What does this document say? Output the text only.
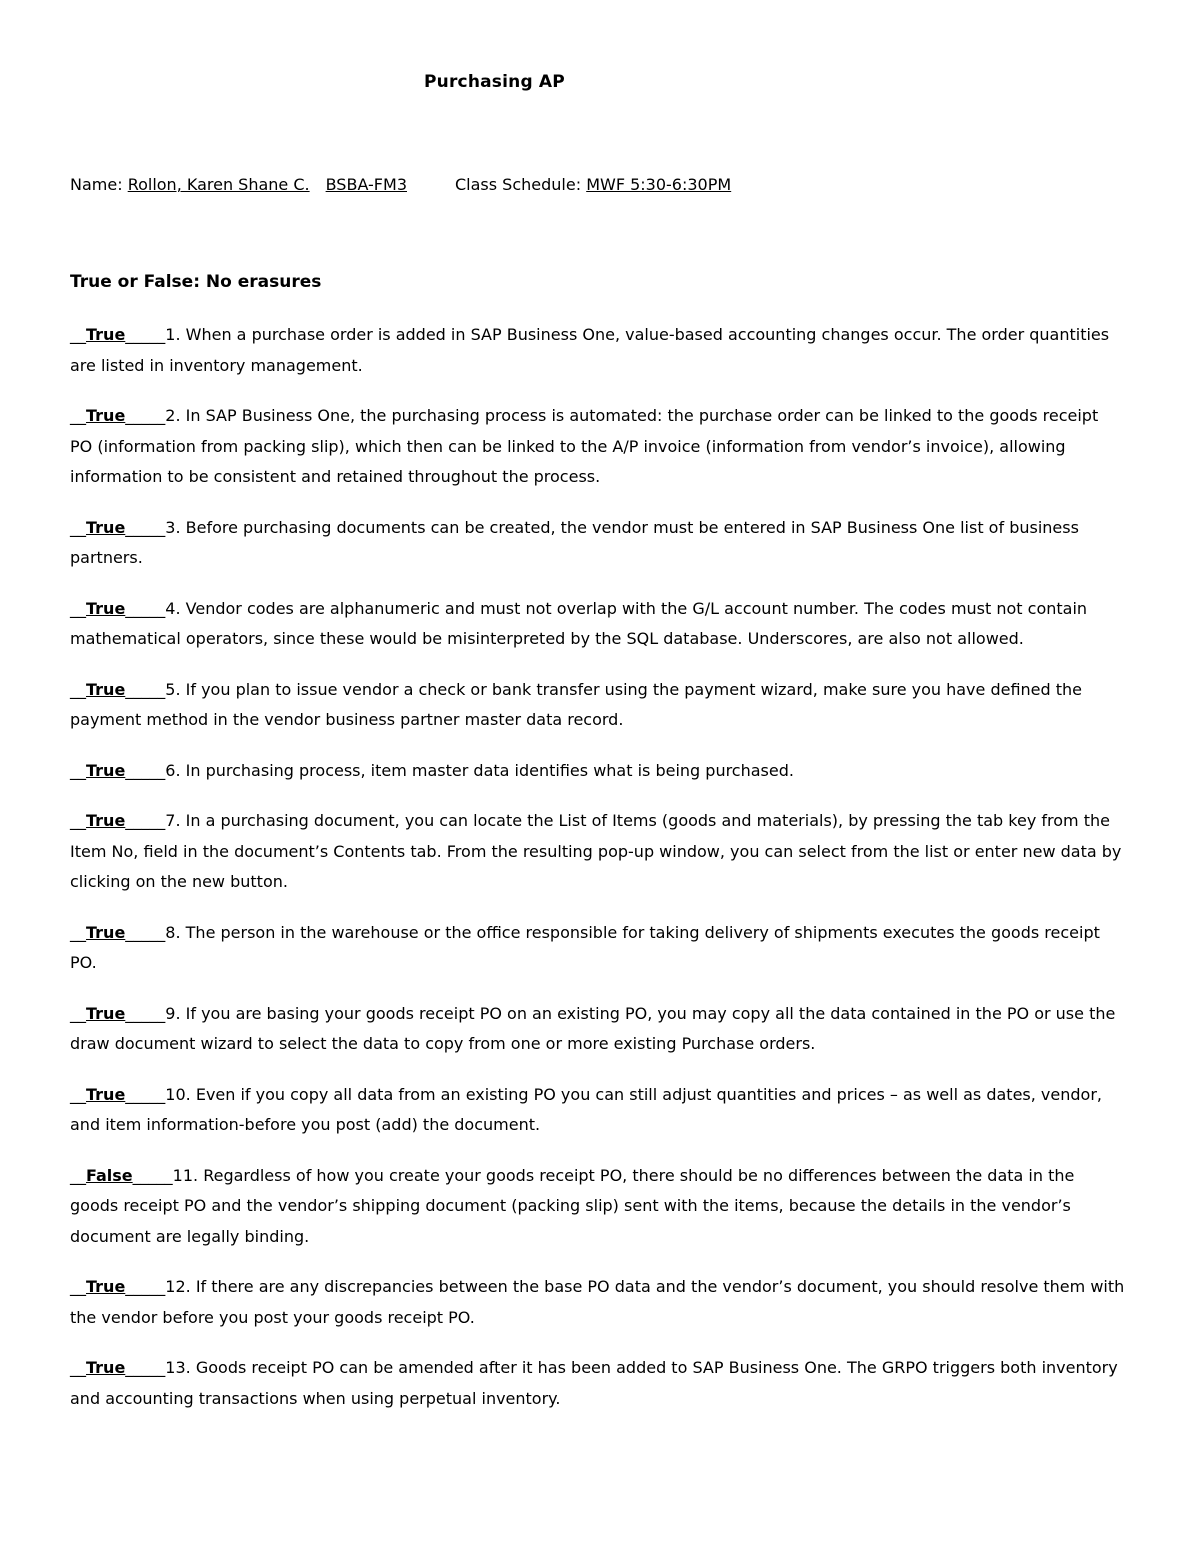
Purchasing AP
Name: Rollon, Karen Shane C. BSBA-FM3	Class Schedule: MWF 5:30-6:30PM
True or False: No erasures

__True_____1. When a purchase order is added in SAP Business One, value-based accounting changes occur. The order quantities are listed in inventory management.

__True_____2. In SAP Business One, the purchasing process is automated: the purchase order can be linked to the goods receipt PO (information from packing slip), which then can be linked to the A/P invoice (information from vendor’s invoice), allowing information to be consistent and retained throughout the process.

__True_____3. Before purchasing documents can be created, the vendor must be entered in SAP Business One list of business partners.

__True_____4. Vendor codes are alphanumeric and must not overlap with the G/L account number. The codes must not contain mathematical operators, since these would be misinterpreted by the SQL database. Underscores, are also not allowed.

__True_____5. If you plan to issue vendor a check or bank transfer using the payment wizard, make sure you have defined the payment method in the vendor business partner master data record.

__True_____6. In purchasing process, item master data identifies what is being purchased.

__True_____7. In a purchasing document, you can locate the List of Items (goods and materials), by pressing the tab key from the Item No, field in the document’s Contents tab. From the resulting pop-up window, you can select from the list or enter new data by clicking on the new button.

__True_____8. The person in the warehouse or the office responsible for taking delivery of shipments executes the goods receipt PO.

__True_____9. If you are basing your goods receipt PO on an existing PO, you may copy all the data contained in the PO or use the draw document wizard to select the data to copy from one or more existing Purchase orders.

__True_____10. Even if you copy all data from an existing PO you can still adjust quantities and prices – as well as dates, vendor, and item information-before you post (add) the document.

__False_____11. Regardless of how you create your goods receipt PO, there should be no differences between the data in the goods receipt PO and the vendor’s shipping document (packing slip) sent with the items, because the details in the vendor’s document are legally binding.

__True_____12. If there are any discrepancies between the base PO data and the vendor’s document, you should resolve them with the vendor before you post your goods receipt PO.

__True_____13. Goods receipt PO can be amended after it has been added to SAP Business One. The GRPO triggers both inventory and accounting transactions when using perpetual inventory.
